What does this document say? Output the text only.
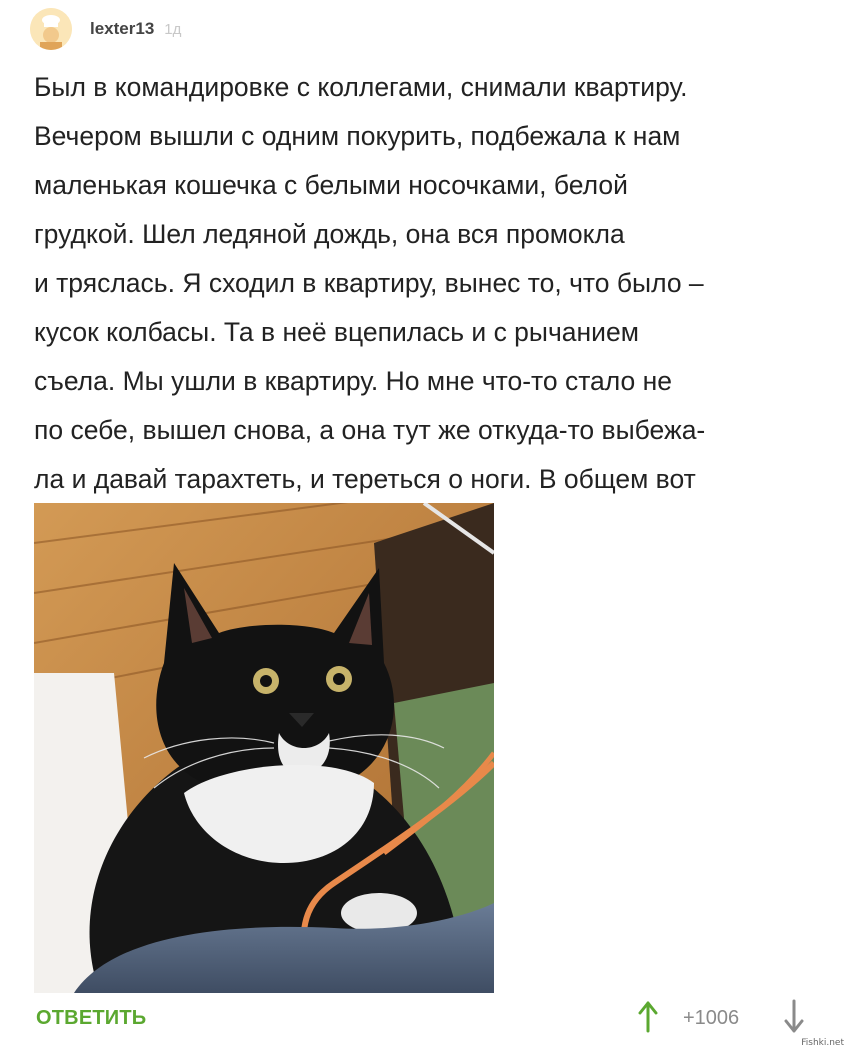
lexter13 1д

Был в командировке с коллегами, снимали квартиру.
Вечером вышли с одним покурить, подбежала к нам
маленькая кошечка с белыми носочками, белой
грудкой. Шел ледяной дождь, она вся промокла
и тряслась. Я сходил в квартиру, вынес то, что было –
кусок колбасы. Та в неё вцепилась и с рычанием
съела. Мы ушли в квартиру. Но мне что-то стало не
по себе, вышел снова, а она тут же откуда-то выбежа-
ла и давай тарахтеть, и тереться о ноги. В общем вот

ОТВЕТИТЬ	+1006
Fishki.net
